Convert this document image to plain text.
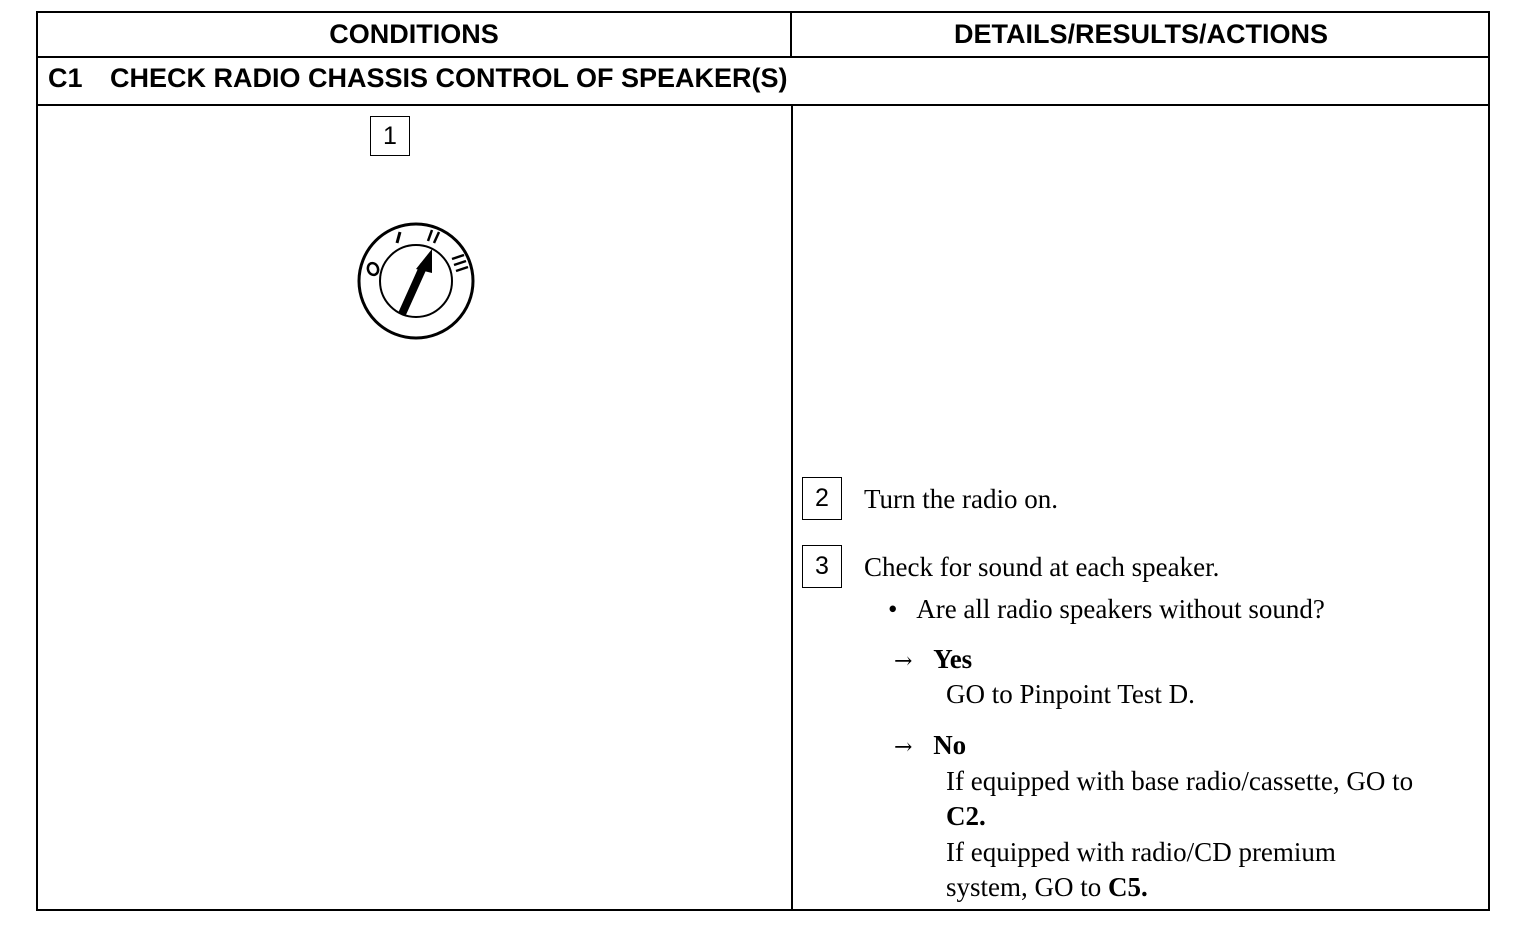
CONDITIONS	DETAILS/RESULTS/ACTIONS
C1 CHECK RADIO CHASSIS CONTROL OF SPEAKER(S)
1
2	Turn the radio on.
3	Check for sound at each speaker.
• Are all radio speakers without sound?
→ Yes
GO to Pinpoint Test D.
→ No
If equipped with base radio/cassette, GO to
C2.
If equipped with radio/CD premium
system, GO to C5.
